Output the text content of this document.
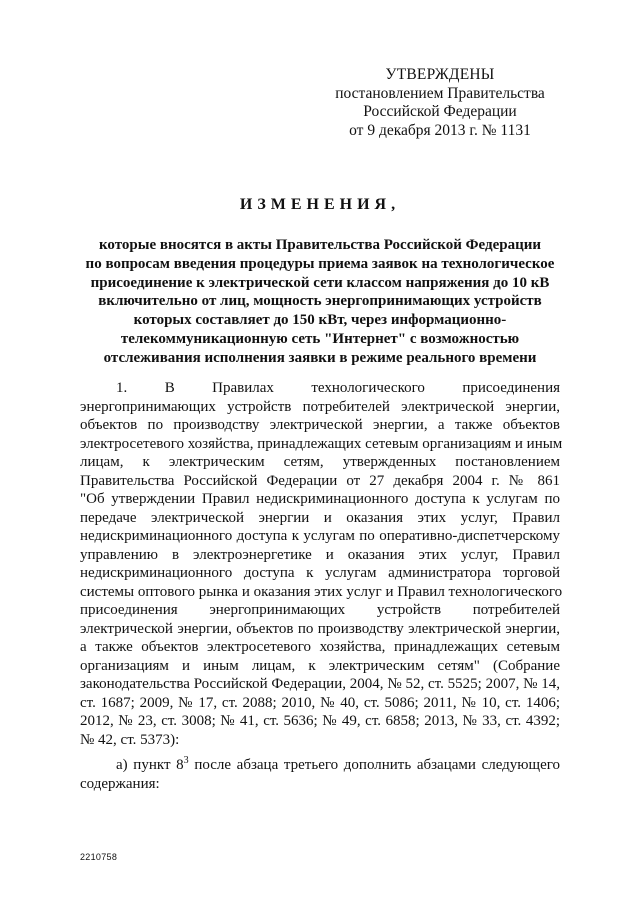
УТВЕРЖДЕНЫ
постановлением Правительства
Российской Федерации
от 9 декабря 2013 г. № 1131
ИЗМЕНЕНИЯ,
которые вносятся в акты Правительства Российской Федерации
по вопросам введения процедуры приема заявок на технологическое
присоединение к электрической сети классом напряжения до 10 кВ
включительно от лиц, мощность энергопринимающих устройств
которых составляет до 150 кВт, через информационно-
телекоммуникационную сеть "Интернет" с возможностью
отслеживания исполнения заявки в режиме реального времени
1. В Правилах технологического присоединения
энергопринимающих устройств потребителей электрической энергии,
объектов по производству электрической энергии, а также объектов
электросетевого хозяйства, принадлежащих сетевым организациям и иным
лицам, к электрическим сетям, утвержденных постановлением
Правительства Российской Федерации от 27 декабря 2004 г. № 861
"Об утверждении Правил недискриминационного доступа к услугам по
передаче электрической энергии и оказания этих услуг, Правил
недискриминационного доступа к услугам по оперативно-диспетчерскому
управлению в электроэнергетике и оказания этих услуг, Правил
недискриминационного доступа к услугам администратора торговой
системы оптового рынка и оказания этих услуг и Правил технологического
присоединения энергопринимающих устройств потребителей
электрической энергии, объектов по производству электрической энергии,
а также объектов электросетевого хозяйства, принадлежащих сетевым
организациям и иным лицам, к электрическим сетям" (Собрание
законодательства Российской Федерации, 2004, № 52, ст. 5525; 2007, № 14,
ст. 1687; 2009, № 17, ст. 2088; 2010, № 40, ст. 5086; 2011, № 10, ст. 1406;
2012, № 23, ст. 3008; № 41, ст. 5636; № 49, ст. 6858; 2013, № 33, ст. 4392;
№ 42, ст. 5373):
а) пункт $8^3$ после абзаца третьего дополнить абзацами следующего
содержания:
2210758
